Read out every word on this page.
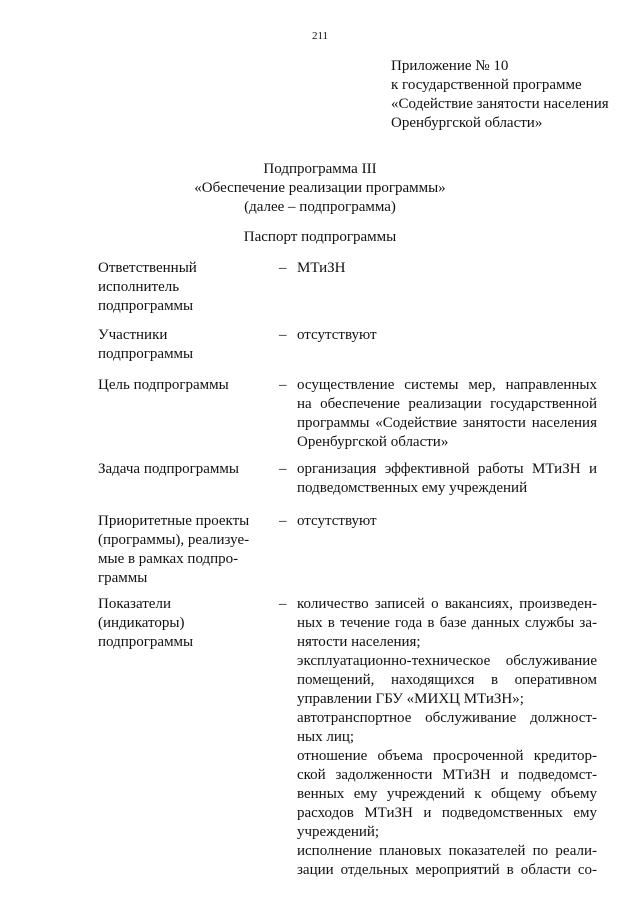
211
Приложение № 10
к государственной программе
«Содействие занятости населения
Оренбургской области»
Подпрограмма III
«Обеспечение реализации программы»
(далее – подпрограмма)
Паспорт подпрограммы
Ответственный
исполнитель
подпрограммы
– МТиЗН
Участники
подпрограммы
– отсутствуют
Цель подпрограммы	– осуществление системы мер, направленных
на обеспечение реализации государственной
программы «Содействие занятости населения
Оренбургской области»
Задача подпрограммы	– организация эффективной работы МТиЗН и
подведомственных ему учреждений
Приоритетные проекты
(программы), реализуе-
мые в рамках подпро-
граммы
– отсутствуют
Показатели
(индикаторы)
подпрограммы
– количество записей о вакансиях, произведен-
ных в течение года в базе данных службы за-
нятости населения;
эксплуатационно-техническое обслуживание
помещений, находящихся в оперативном
управлении ГБУ «МИХЦ МТиЗН»;
автотранспортное обслуживание должност-
ных лиц;
отношение объема просроченной кредитор-
ской задолженности МТиЗН и подведомст-
венных ему учреждений к общему объему
расходов МТиЗН и подведомственных ему
учреждений;
исполнение плановых показателей по реали-
зации отдельных мероприятий в области со-
